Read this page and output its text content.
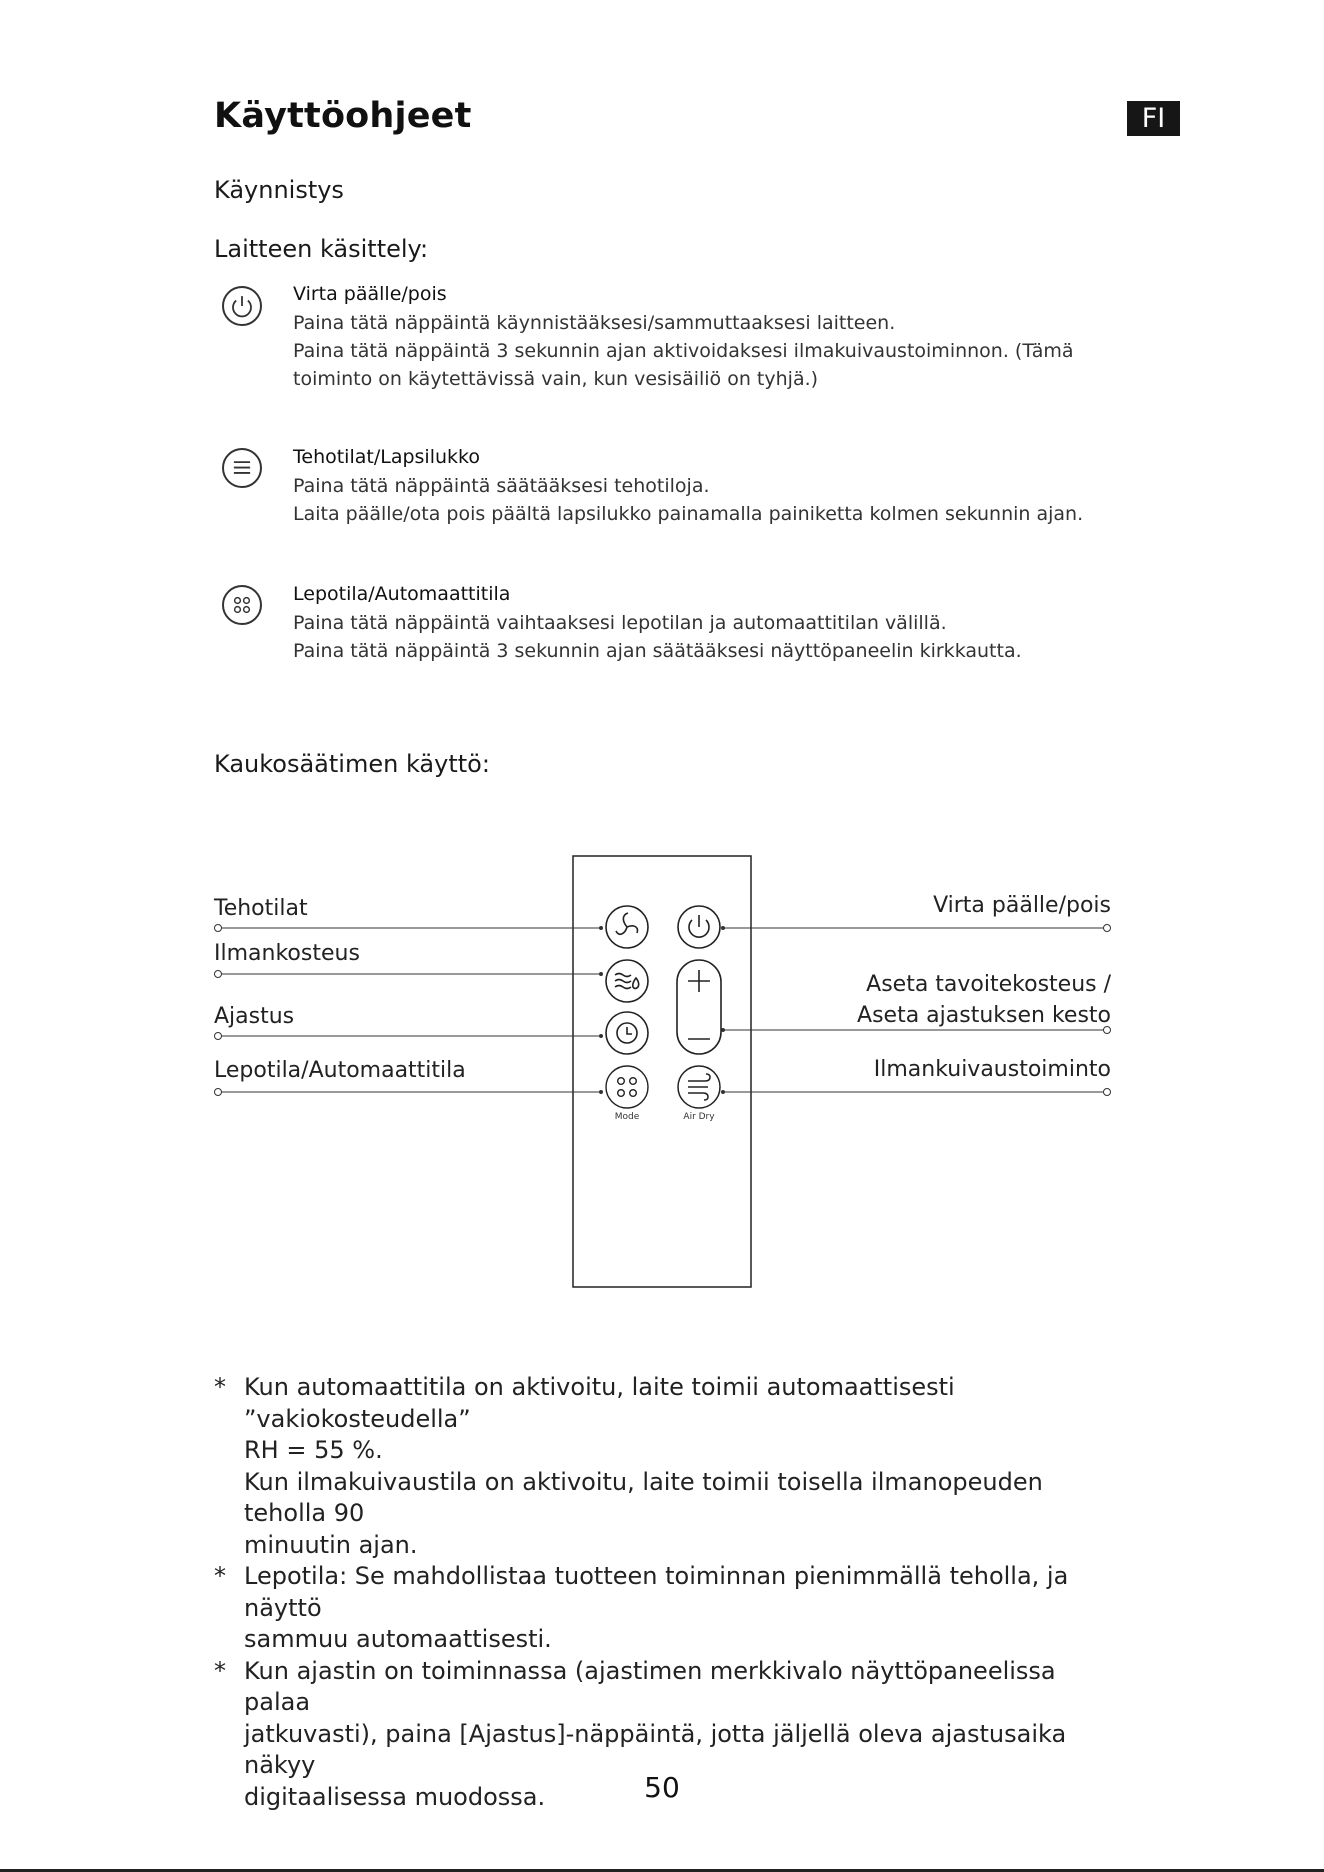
Käyttöohjeet	FI
Käynnistys
Laitteen käsittely:
Virta päälle/pois
Paina tätä näppäintä käynnistääksesi/sammuttaaksesi laitteen.
Paina tätä näppäintä 3 sekunnin ajan aktivoidaksesi ilmakuivaustoiminnon. (Tämä
toiminto on käytettävissä vain, kun vesisäiliö on tyhjä.)
Tehotilat/Lapsilukko
Paina tätä näppäintä säätääksesi tehotiloja.
Laita päälle/ota pois päältä lapsilukko painamalla painiketta kolmen sekunnin ajan.
Lepotila/Automaattitila
Paina tätä näppäintä vaihtaaksesi lepotilan ja automaattitilan välillä.
Paina tätä näppäintä 3 sekunnin ajan säätääksesi näyttöpaneelin kirkkautta.
Kaukosäätimen käyttö:
Tehotilat
Ilmankosteus
Ajastus
Lepotila/Automaattitila
Virta päälle/pois
Aseta tavoitekosteus /
Aseta ajastuksen kesto
Ilmankuivaustoiminto
Mode	Air Dry
* Kun automaattitila on aktivoitu, laite toimii automaattisesti ”vakiokosteudella”
RH = 55 %.
Kun ilmakuivaustila on aktivoitu, laite toimii toisella ilmanopeuden teholla 90
minuutin ajan.
* Lepotila: Se mahdollistaa tuotteen toiminnan pienimmällä teholla, ja näyttö
sammuu automaattisesti.
* Kun ajastin on toiminnassa (ajastimen merkkivalo näyttöpaneelissa palaa
jatkuvasti), paina [Ajastus]-näppäintä, jotta jäljellä oleva ajastusaika näkyy
digitaalisessa muodossa.	50
